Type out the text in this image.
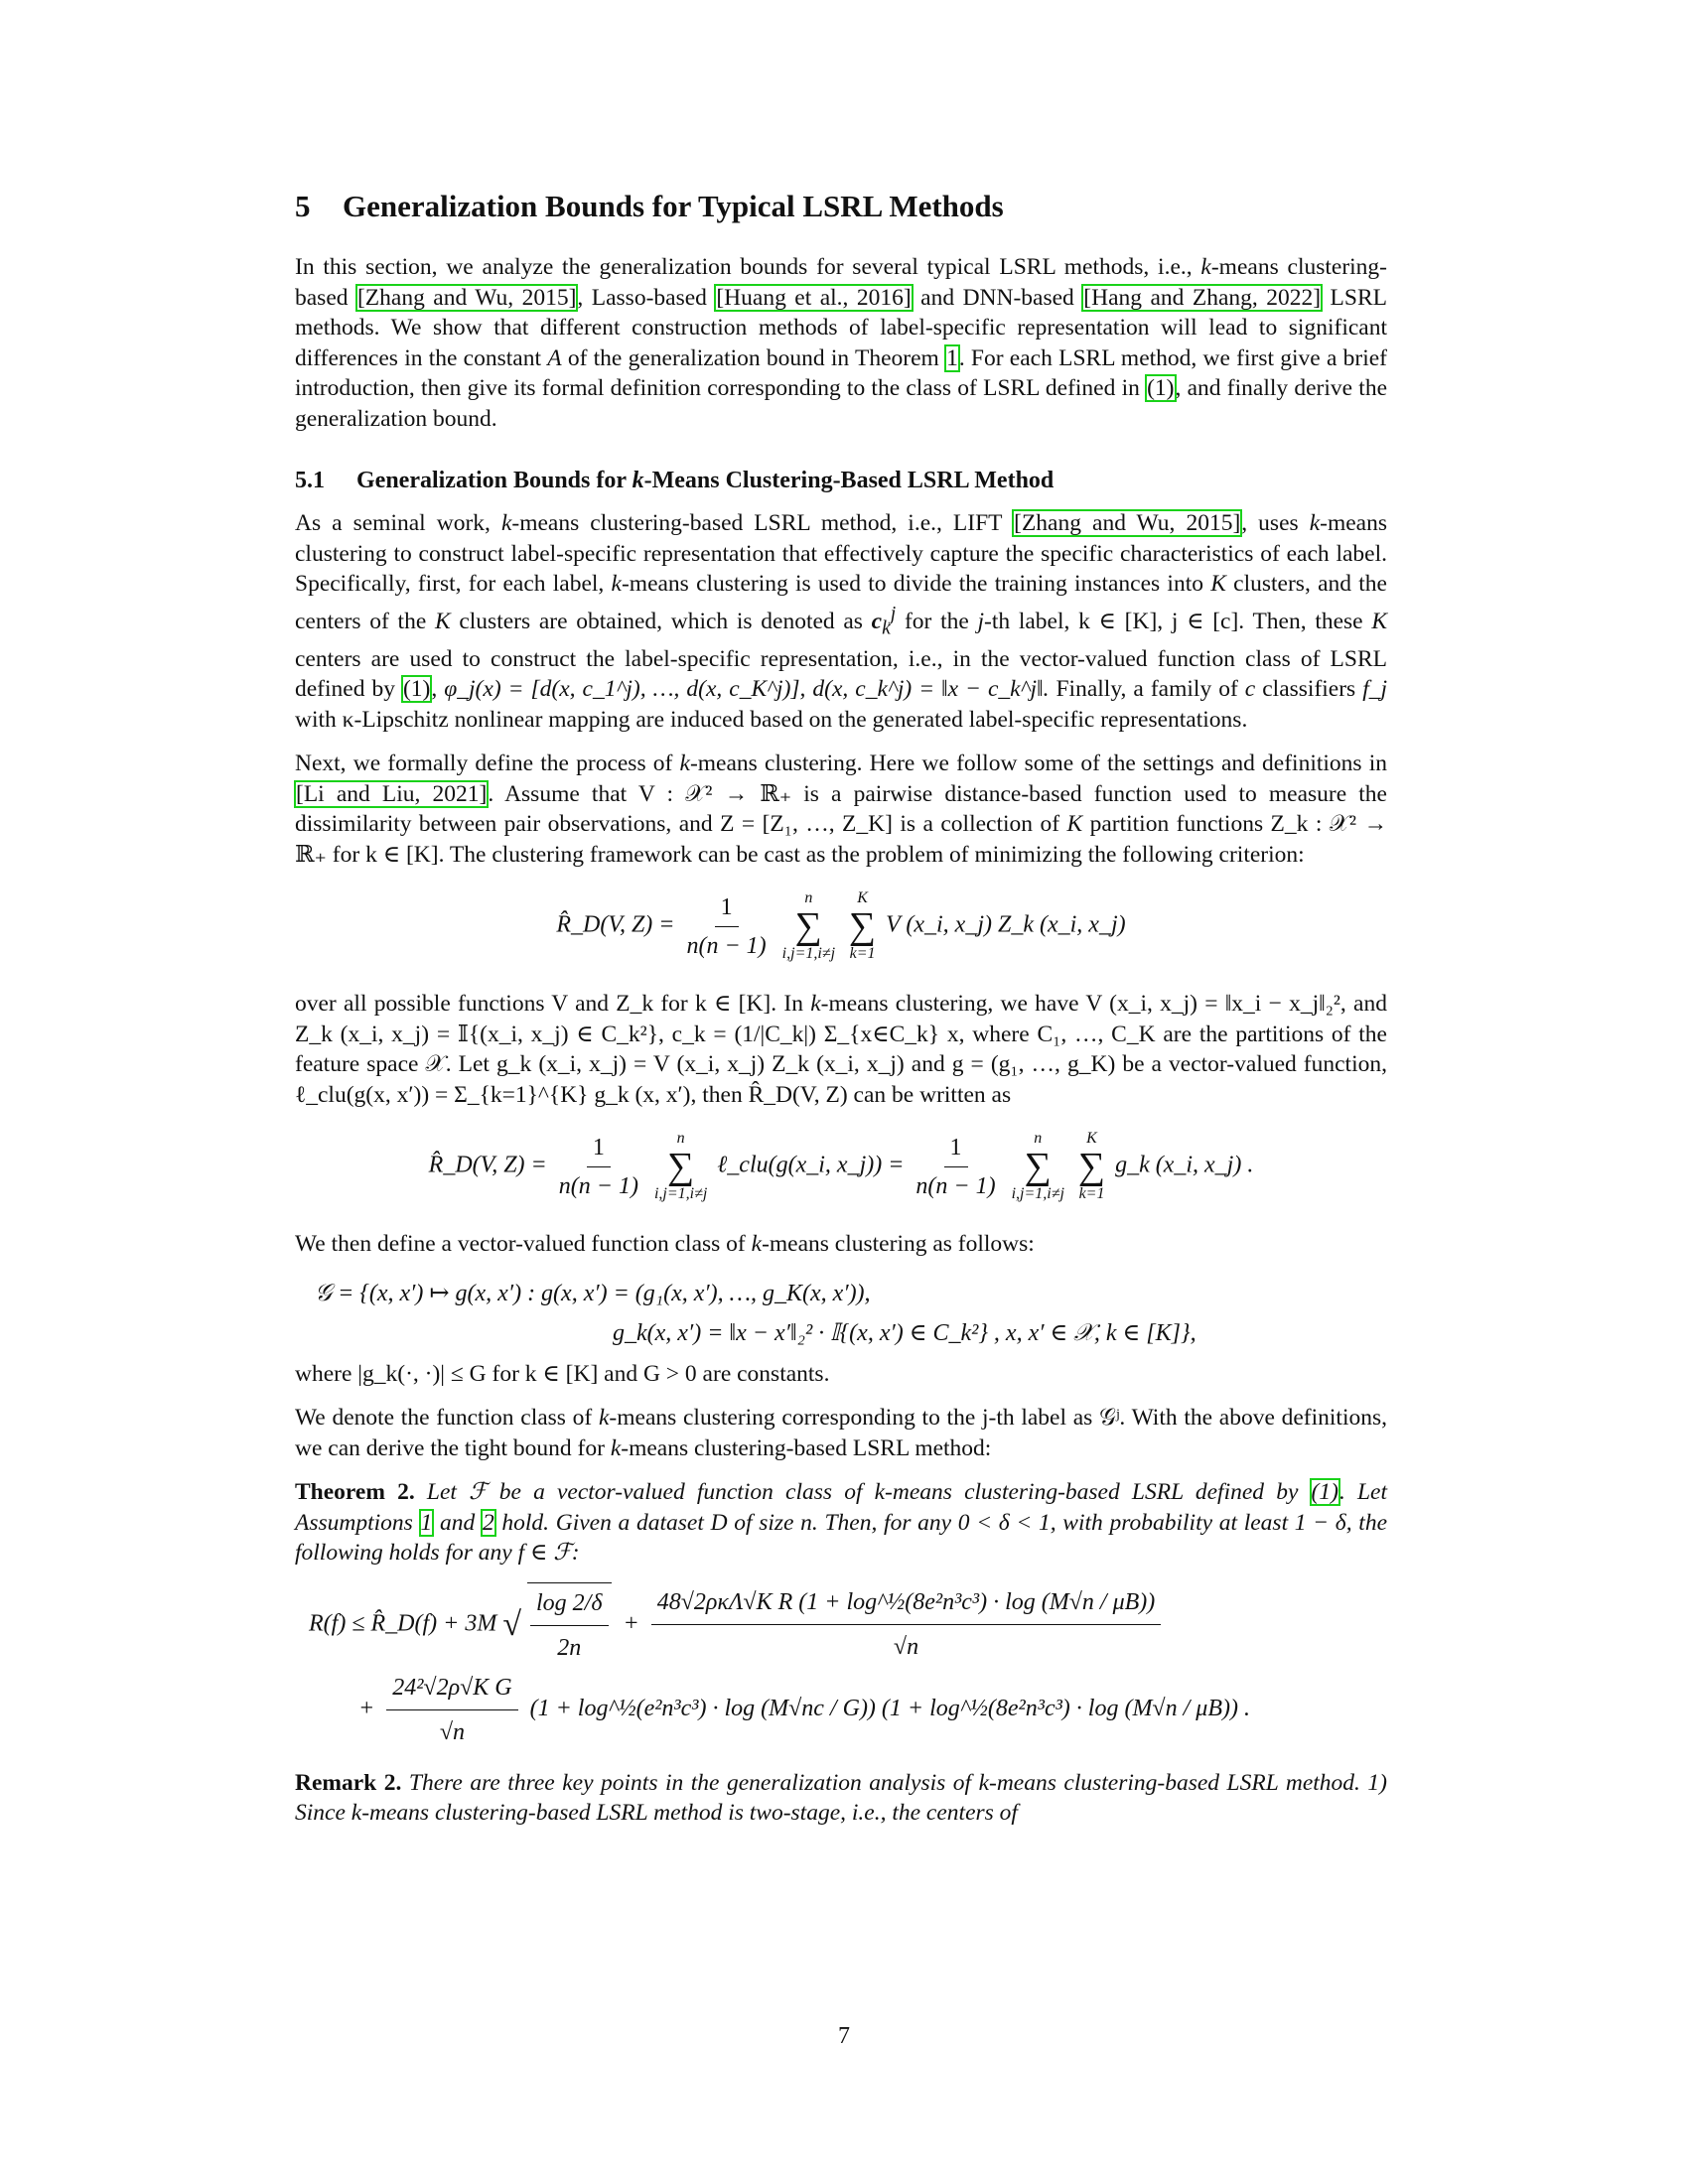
5 Generalization Bounds for Typical LSRL Methods

In this section, we analyze the generalization bounds for several typical LSRL methods, i.e., k-means clustering-based [Zhang and Wu, 2015], Lasso-based [Huang et al., 2016] and DNN-based [Hang and Zhang, 2022] LSRL methods. We show that different construction methods of label-specific representation will lead to significant differences in the constant A of the generalization bound in Theorem 1. For each LSRL method, we first give a brief introduction, then give its formal definition corresponding to the class of LSRL defined in (1), and finally derive the generalization bound.

5.1 Generalization Bounds for k-Means Clustering-Based LSRL Method

As a seminal work, k-means clustering-based LSRL method, i.e., LIFT [Zhang and Wu, 2015], uses k-means clustering to construct label-specific representation that effectively capture the specific characteristics of each label. Specifically, first, for each label, k-means clustering is used to divide the training instances into K clusters, and the centers of the K clusters are obtained, which is denoted as $c_k^j$ for the j-th label, k ∈ [K], j ∈ [c]. Then, these K centers are used to construct the label-specific representation, i.e., in the vector-valued function class of LSRL defined by (1), φ_j(x) = [d(x, c_1^j), …, d(x, c_K^j)], d(x, c_k^j) = ‖x − c_k^j‖. Finally, a family of c classifiers f_j with κ-Lipschitz nonlinear mapping are induced based on the generated label-specific representations.

Next, we formally define the process of k-means clustering. Here we follow some of the settings and definitions in [Li and Liu, 2021]. Assume that V : 𝒳² → ℝ₊ is a pairwise distance-based function used to measure the dissimilarity between pair observations, and Z = [Z₁, …, Z_K] is a collection of K partition functions Z_k : 𝒳² → ℝ₊ for k ∈ [K]. The clustering framework can be cast as the problem of minimizing the following criterion:

R̂_D(V, $Z) = \frac{1}{n(n - 1)}$
n
∑
i,j=1,i≠j

K
∑
k=1
V (x_i, x_j) Z_k (x_i, x_j)

over all possible functions V and Z_k for k ∈ [K]. In k-means clustering, we have V (x_i, x_j) = ‖x_i − x_j‖₂², and Z_k (x_i, x_j) = 𝕀{(x_i, x_j) ∈ C_k²}, c_k = (1/|C_k|) Σ_{x∈C_k} x, where C₁, …, C_K are the partitions of the feature space 𝒳. Let g_k (x_i, x_j) = V (x_i, x_j) Z_k (x_i, x_j) and g = (g₁, …, g_K) be a vector-valued function, ℓ_clu(g(x, x′)) = Σ_{k=1}^{K} g_k (x, x′), then R̂_D(V, Z) can be written as

R̂_D(V, $Z) = \frac{1}{n(n - 1)}$
n
∑
i,j=1,i≠j
ℓ_clu(g(x_i, x_j)) = $\frac{1}{n(n - 1)}$
n
∑
i,j=1,i≠j

K
∑
k=1
g_k (x_i, x_j) .

We then define a vector-valued function class of k-means clustering as follows:

𝒢 = {(x, x′) ↦ g(x, x′) : g(x, x′) = (g₁(x, x′), …, g_K(x, x′)),
g_k(x, x′) = ‖x − x′‖₂² · 𝕀{(x, x′) ∈ C_k²} , x, x′ ∈ 𝒳, k ∈ [K]},

where |g_k(·, ·)| ≤ G for k ∈ [K] and G > 0 are constants.

We denote the function class of k-means clustering corresponding to the j-th label as 𝒢ʲ. With the above definitions, we can derive the tight bound for k-means clustering-based LSRL method:

Theorem 2. Let ℱ be a vector-valued function class of k-means clustering-based LSRL defined by (1). Let Assumptions 1 and 2 hold. Given a dataset D of size n. Then, for any 0 < δ < 1, with probability at least 1 − δ, the following holds for any f ∈ ℱ:
R(f) ≤ R̂_D(f) + 3M √ $\frac{\log 2/\delta}{2n} + \frac{\text{48√2ρκΛ√K R (1 + log\textasciicircum{}½(8e²n³c³) · log (M√n / μB))}}{√n}$
+ $\frac{\text{24²√2ρ√K G}}{√n} (1$ + log^½(e²n³c³) · log (M√nc / G)) (1 + log^½(8e²n³c³) · log (M√n / μB)) .
Remark 2. There are three key points in the generalization analysis of k-means clustering-based LSRL method. 1) Since k-means clustering-based LSRL method is two-stage, i.e., the centers of
7
